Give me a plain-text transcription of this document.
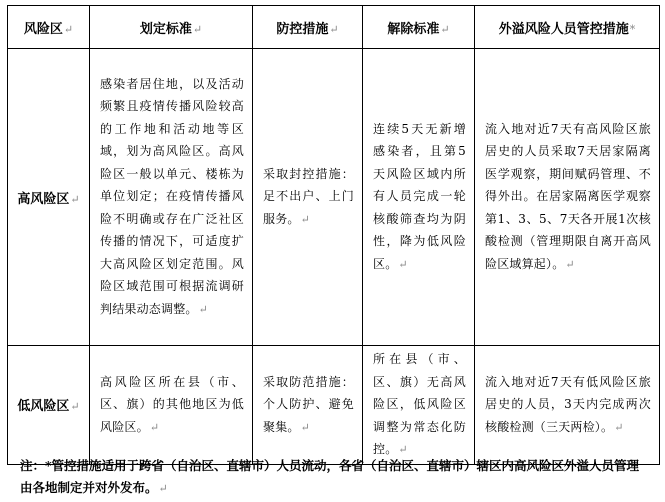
风险区↵	划定标准↵	防控措施↵	解除标准↵	外溢风险人员管控措施*
高风险区↵	感染者居住地，以及活动频繁且疫情传播风险较高的工作地和活动地等区域，划为高风险区。高风险区一般以单元、楼栋为单位划定；在疫情传播风险不明确或存在广泛社区传播的情况下，可适度扩大高风险区划定范围。风险区域范围可根据流调研判结果动态调整。↵	采取封控措施：足不出户、上门服务。↵	连续5天无新增感染者，且第5天风险区域内所有人员完成一轮核酸筛查均为阴性，降为低风险区。↵	流入地对近7天有高风险区旅居史的人员采取7天居家隔离医学观察，期间赋码管理、不得外出。在居家隔离医学观察第1、3、5、7天各开展1次核酸检测（管理期限自离开高风险区域算起）。↵
低风险区↵	高风险区所在县（市、区、旗）的其他地区为低风险区。↵	采取防范措施：个人防护、避免聚集。↵	所在县（市、区、旗）无高风险区，低风险区调整为常态化防控。↵	流入地对近7天有低风险区旅居史的人员，3天内完成两次核酸检测（三天两检）。↵
注：*管控措施适用于跨省（自治区、直辖市）人员流动，各省（自治区、直辖市）辖区内高风险区外溢人员管理由各地制定并对外发布。↵
